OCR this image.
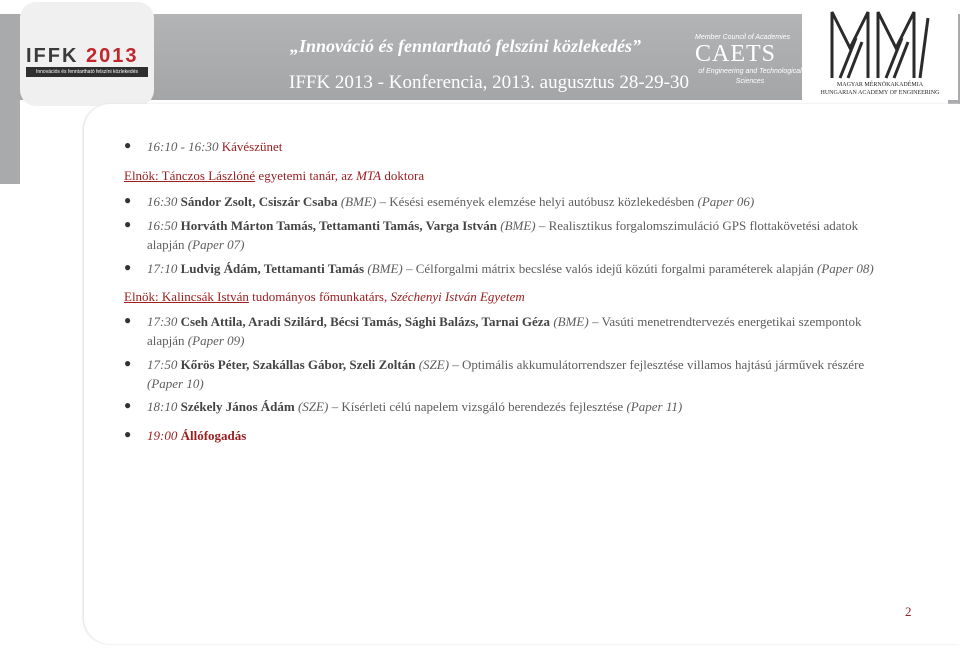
IFFK
2013
Innovációs és fenntartható felszíni közlekedés
„Innováció és fenntartható felszíni közlekedés”
IFFK 2013 - Konferencia, 2013. augusztus 28-29-30
Member Council of Academies
CAETS
of Engineering and Technological Sciences	MAGYAR MÉRNÖKAKADÉMIA
HUNGARIAN ACADEMY OF ENGINEERING
● 16:10 - 16:30 Kávészünet
Elnök: Tánczos Lászlóné egyetemi tanár, az MTA doktora
● 16:30 Sándor Zsolt, Csiszár Csaba (BME) – Késési események elemzése helyi autóbusz közlekedésben (Paper 06)
● 16:50 Horváth Márton Tamás, Tettamanti Tamás, Varga István (BME) – Realisztikus forgalomszimuláció GPS flottakövetési adatok
alapján (Paper 07)
● 17:10 Ludvig Ádám, Tettamanti Tamás (BME) – Célforgalmi mátrix becslése valós idejű közúti forgalmi paraméterek alapján (Paper 08)
Elnök: Kalincsák István tudományos főmunkatárs, Széchenyi István Egyetem
● 17:30 Cseh Attila, Aradi Szilárd, Bécsi Tamás, Sághi Balázs, Tarnai Géza (BME) – Vasúti menetrendtervezés energetikai szempontok
alapján (Paper 09)
● 17:50 Kőrös Péter, Szakállas Gábor, Szeli Zoltán (SZE) – Optimális akkumulátorrendszer fejlesztése villamos hajtású járművek részére
(Paper 10)
● 18:10 Székely János Ádám (SZE) – Kísérleti célú napelem vizsgáló berendezés fejlesztése (Paper 11)
● 19:00 Állófogadás
2
